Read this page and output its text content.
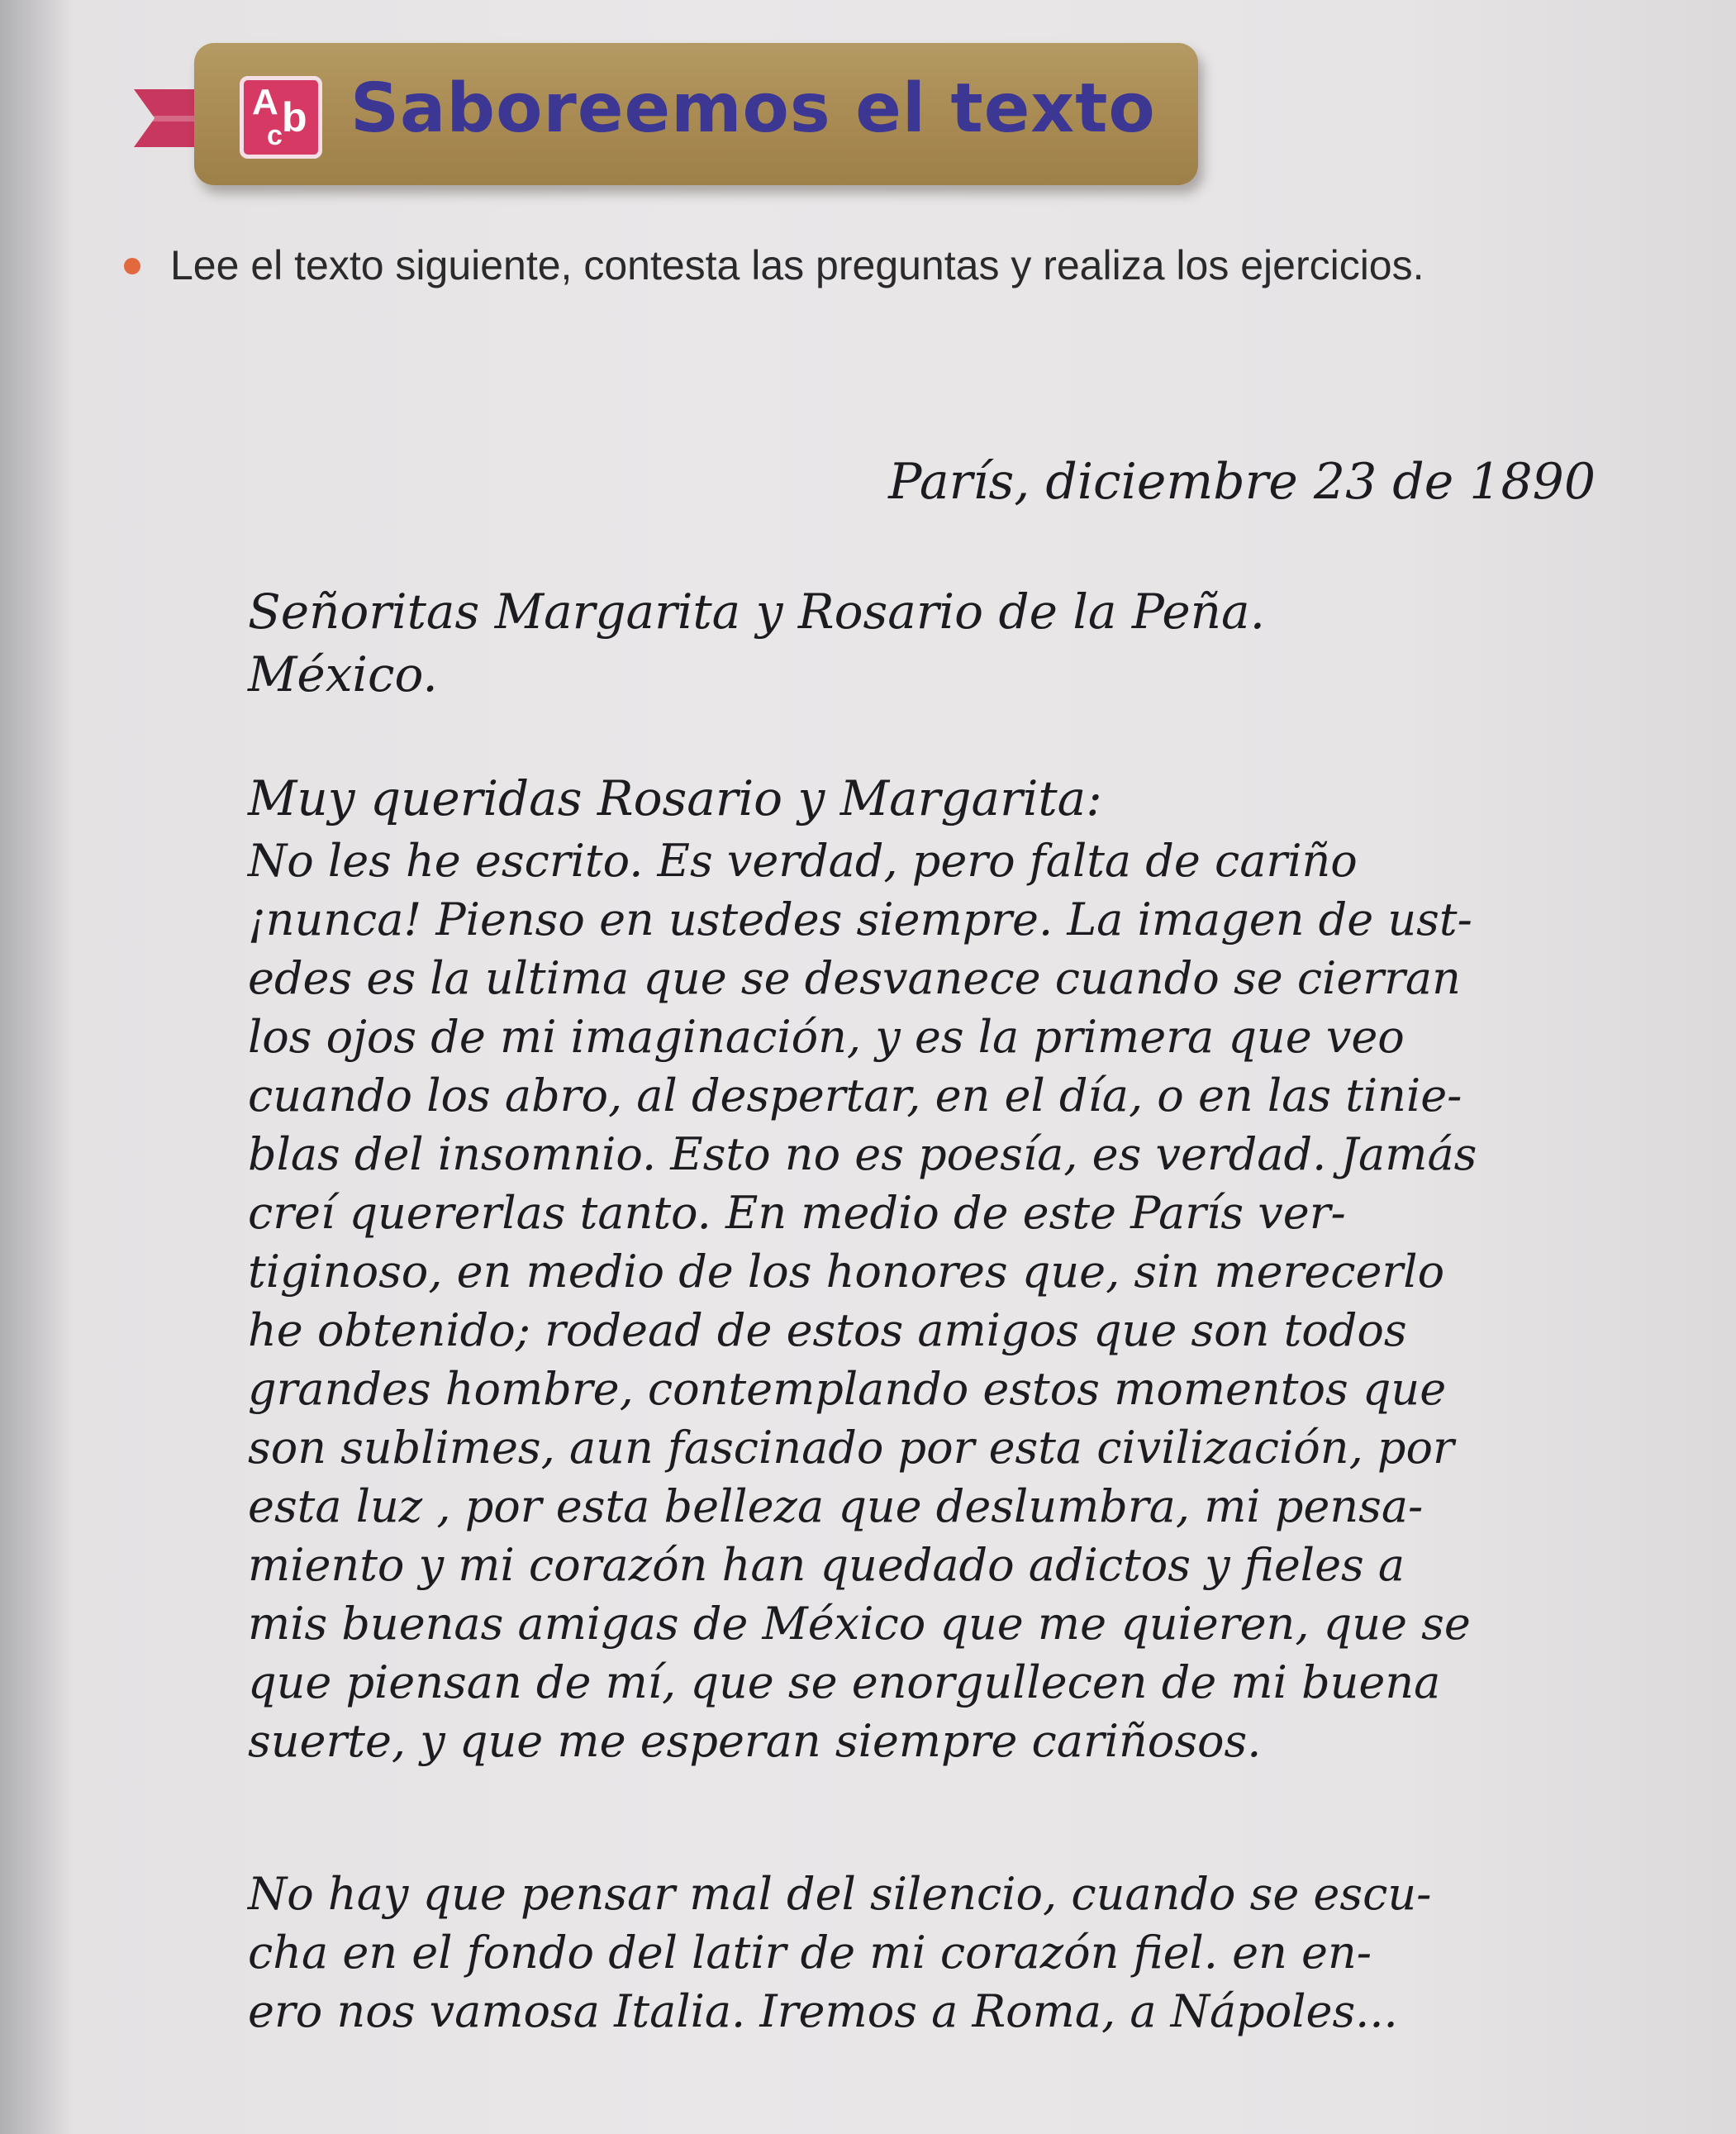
A b
c Saboreemos el texto
Lee el texto siguiente, contesta las preguntas y realiza los ejercicios.
París, diciembre 23 de 1890
Señoritas Margarita y Rosario de la Peña.
México.
Muy queridas Rosario y Margarita:
No les he escrito. Es verdad, pero falta de cariño
¡nunca! Pienso en ustedes siempre. La imagen de ust-
edes es la ultima que se desvanece cuando se cierran
los ojos de mi imaginación, y es la primera que veo
cuando los abro, al despertar, en el día, o en las tinie-
blas del insomnio. Esto no es poesía, es verdad. Jamás
creí quererlas tanto. En medio de este París ver-
tiginoso, en medio de los honores que, sin merecerlo
he obtenido; rodead de estos amigos que son todos
grandes hombre, contemplando estos momentos que
son sublimes, aun fascinado por esta civilización, por
esta luz , por esta belleza que deslumbra, mi pensa-
miento y mi corazón han quedado adictos y fieles a
mis buenas amigas de México que me quieren, que se
que piensan de mí, que se enorgullecen de mi buena
suerte, y que me esperan siempre cariñosos.
No hay que pensar mal del silencio, cuando se escu-
cha en el fondo del latir de mi corazón fiel. en en-
ero nos vamosa Italia. Iremos a Roma, a Nápoles...
